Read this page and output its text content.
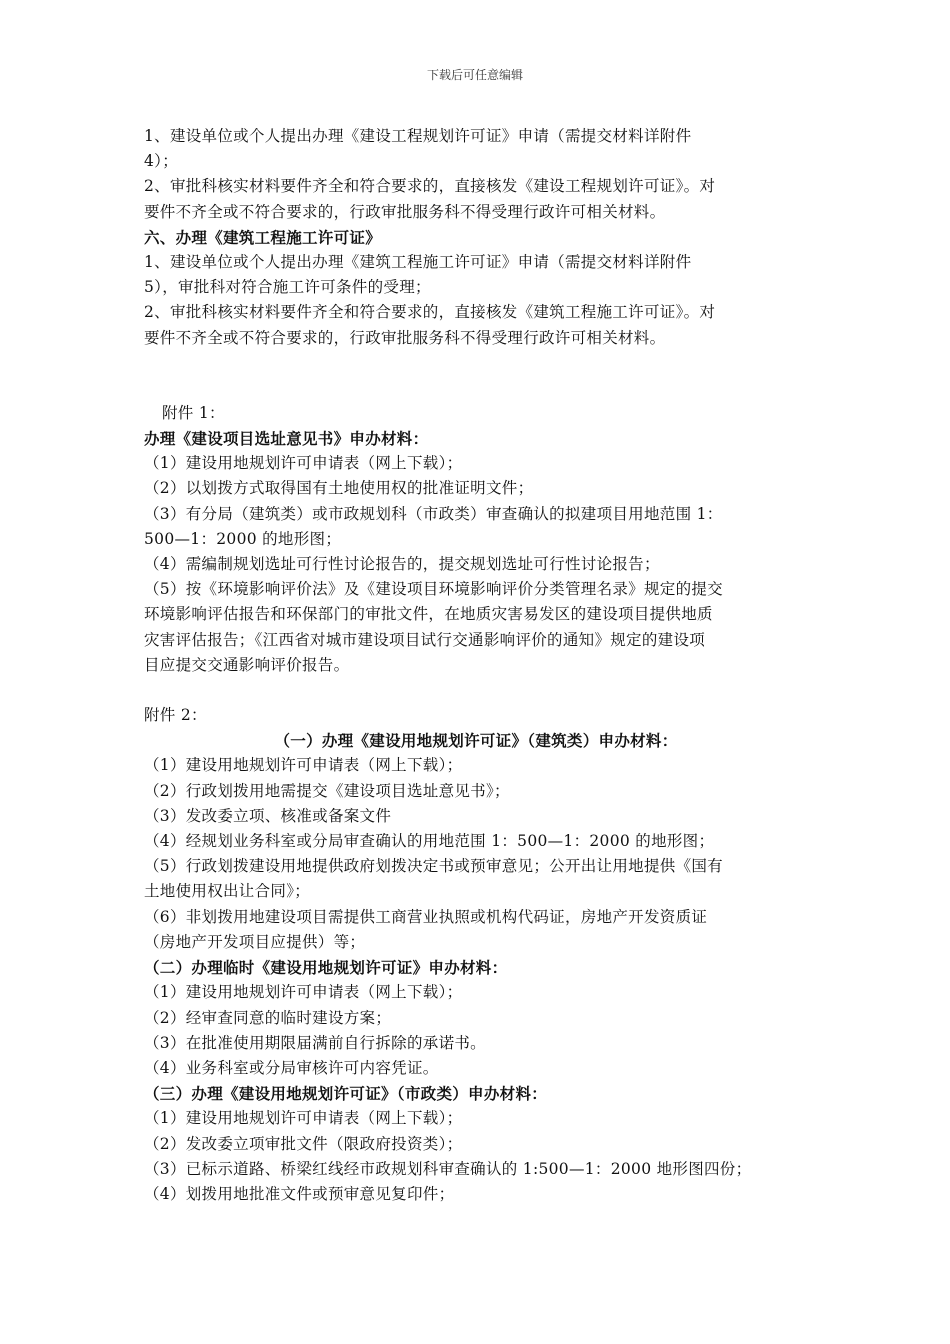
下载后可任意编辑
1、建设单位或个人提出办理《建设工程规划许可证》申请（需提交材料详附件
4）；
2、审批科核实材料要件齐全和符合要求的，直接核发《建设工程规划许可证》。对
要件不齐全或不符合要求的，行政审批服务科不得受理行政许可相关材料。
六、办理《建筑工程施工许可证》
1、建设单位或个人提出办理《建筑工程施工许可证》申请（需提交材料详附件
5），审批科对符合施工许可条件的受理；
2、审批科核实材料要件齐全和符合要求的，直接核发《建筑工程施工许可证》。对
要件不齐全或不符合要求的，行政审批服务科不得受理行政许可相关材料。
附件 1：
办理《建设项目选址意见书》申办材料：
（1）建设用地规划许可申请表（网上下载）；
（2）以划拨方式取得国有土地使用权的批准证明文件；
（3）有分局（建筑类）或市政规划科（市政类）审查确认的拟建项目用地范围 1：
500—1：2000 的地形图；
（4）需编制规划选址可行性讨论报告的，提交规划选址可行性讨论报告；
（5）按《环境影响评价法》及《建设项目环境影响评价分类管理名录》规定的提交
环境影响评估报告和环保部门的审批文件，在地质灾害易发区的建设项目提供地质
灾害评估报告；《江西省对城市建设项目试行交通影响评价的通知》规定的建设项
目应提交交通影响评价报告。
附件 2：
（一）办理《建设用地规划许可证》（建筑类）申办材料：
（1）建设用地规划许可申请表（网上下载）；
（2）行政划拨用地需提交《建设项目选址意见书》；
（3）发改委立项、核准或备案文件
（4）经规划业务科室或分局审查确认的用地范围 1：500—1：2000 的地形图；
（5）行政划拨建设用地提供政府划拨决定书或预审意见；公开出让用地提供《国有
土地使用权出让合同》；
（6）非划拨用地建设项目需提供工商营业执照或机构代码证，房地产开发资质证
（房地产开发项目应提供）等；
（二）办理临时《建设用地规划许可证》申办材料：
（1）建设用地规划许可申请表（网上下载）；
（2）经审查同意的临时建设方案；
（3）在批准使用期限届满前自行拆除的承诺书。
（4）业务科室或分局审核许可内容凭证。
（三）办理《建设用地规划许可证》（市政类）申办材料：
（1）建设用地规划许可申请表（网上下载）；
（2）发改委立项审批文件（限政府投资类）；
（3）已标示道路、桥梁红线经市政规划科审查确认的 1:500—1：2000 地形图四份；
（4）划拨用地批准文件或预审意见复印件；
